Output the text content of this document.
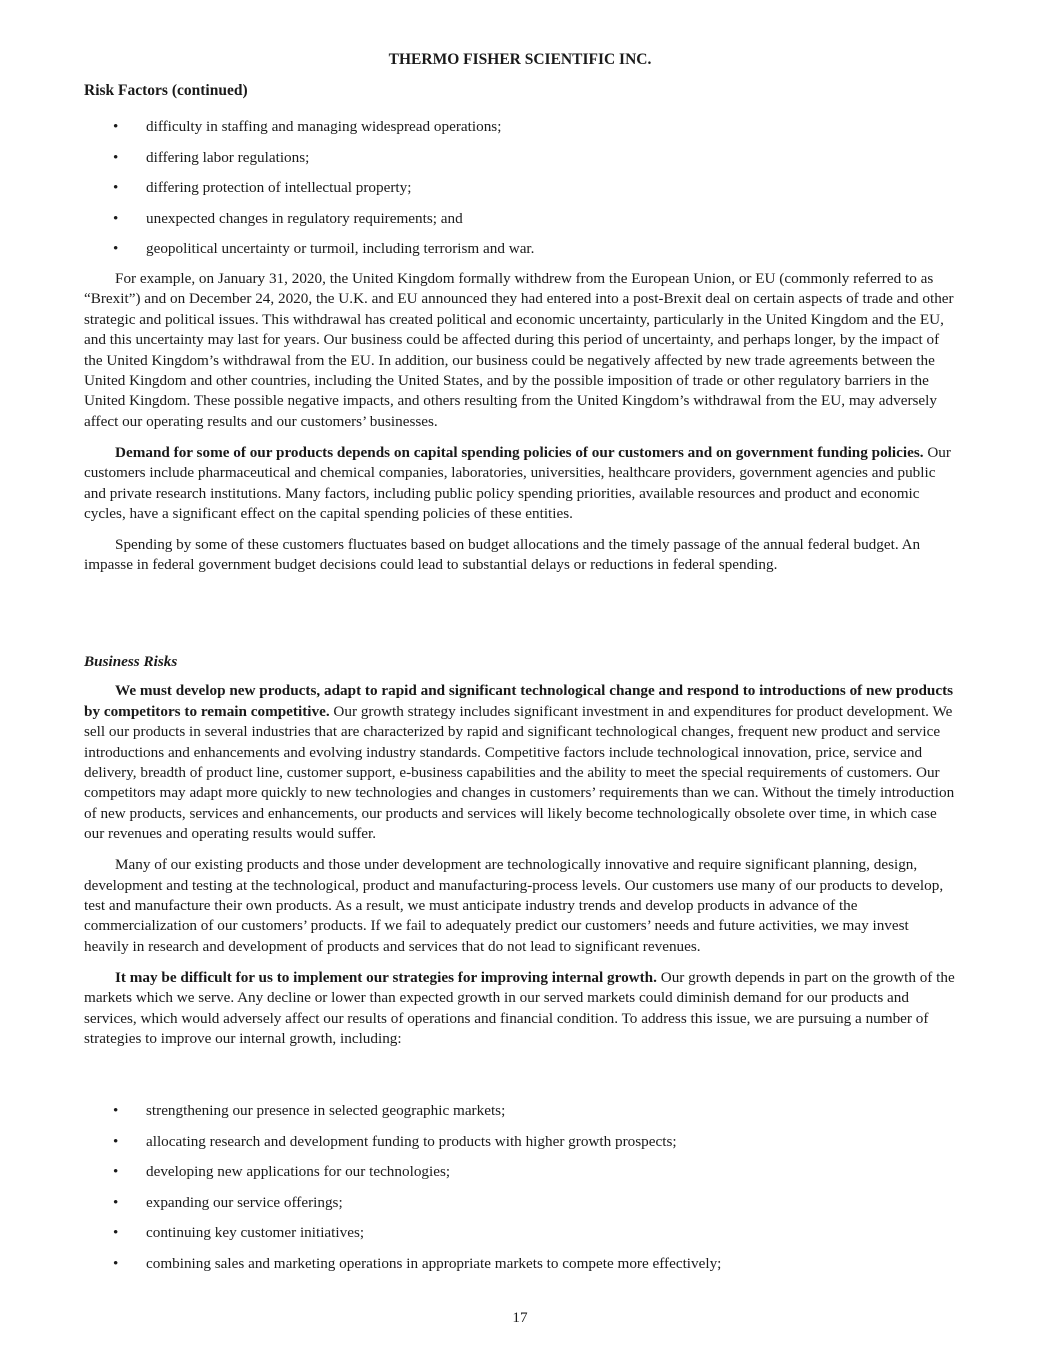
THERMO FISHER SCIENTIFIC INC.
Risk Factors (continued)
• difficulty in staffing and managing widespread operations;
• differing labor regulations;
• differing protection of intellectual property;
• unexpected changes in regulatory requirements; and
• geopolitical uncertainty or turmoil, including terrorism and war.

For example, on January 31, 2020, the United Kingdom formally withdrew from the European Union, or EU (commonly referred to as “Brexit”) and on December 24, 2020, the U.K. and EU announced they had entered into a post-Brexit deal on certain aspects of trade and other strategic and political issues. This withdrawal has created political and economic uncertainty, particularly in the United Kingdom and the EU, and this uncertainty may last for years. Our business could be affected during this period of uncertainty, and perhaps longer, by the impact of the United Kingdom’s withdrawal from the EU. In addition, our business could be negatively affected by new trade agreements between the United Kingdom and other countries, including the United States, and by the possible imposition of trade or other regulatory barriers in the United Kingdom. These possible negative impacts, and others resulting from the United Kingdom’s withdrawal from the EU, may adversely affect our operating results and our customers’ businesses.

Demand for some of our products depends on capital spending policies of our customers and on government funding policies. Our customers include pharmaceutical and chemical companies, laboratories, universities, healthcare providers, government agencies and public and private research institutions. Many factors, including public policy spending priorities, available resources and product and economic cycles, have a significant effect on the capital spending policies of these entities.

Spending by some of these customers fluctuates based on budget allocations and the timely passage of the annual federal budget. An impasse in federal government budget decisions could lead to substantial delays or reductions in federal spending.

Business Risks

We must develop new products, adapt to rapid and significant technological change and respond to introductions of new products by competitors to remain competitive. Our growth strategy includes significant investment in and expenditures for product development. We sell our products in several industries that are characterized by rapid and significant technological changes, frequent new product and service introductions and enhancements and evolving industry standards. Competitive factors include technological innovation, price, service and delivery, breadth of product line, customer support, e-business capabilities and the ability to meet the special requirements of customers. Our competitors may adapt more quickly to new technologies and changes in customers’ requirements than we can. Without the timely introduction of new products, services and enhancements, our products and services will likely become technologically obsolete over time, in which case our revenues and operating results would suffer.

Many of our existing products and those under development are technologically innovative and require significant planning, design, development and testing at the technological, product and manufacturing-process levels. Our customers use many of our products to develop, test and manufacture their own products. As a result, we must anticipate industry trends and develop products in advance of the commercialization of our customers’ products. If we fail to adequately predict our customers’ needs and future activities, we may invest heavily in research and development of products and services that do not lead to significant revenues.

It may be difficult for us to implement our strategies for improving internal growth. Our growth depends in part on the growth of the markets which we serve. Any decline or lower than expected growth in our served markets could diminish demand for our products and services, which would adversely affect our results of operations and financial condition. To address this issue, we are pursuing a number of strategies to improve our internal growth, including:

• strengthening our presence in selected geographic markets;
• allocating research and development funding to products with higher growth prospects;
• developing new applications for our technologies;
• expanding our service offerings;
• continuing key customer initiatives;
• combining sales and marketing operations in appropriate markets to compete more effectively;
17
